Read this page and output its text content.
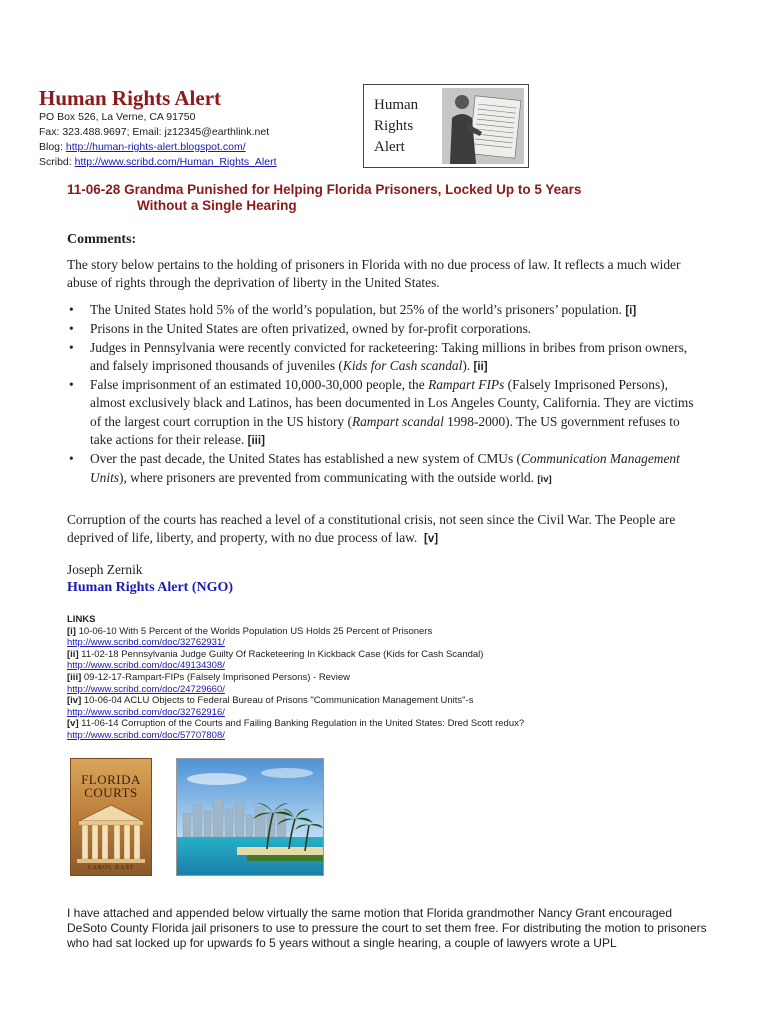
Human Rights Alert
PO Box 526, La Verne, CA 91750
Fax: 323.488.9697; Email: jz12345@earthlink.net
Blog: http://human-rights-alert.blogspot.com/
Scribd: http://www.scribd.com/Human_Rights_Alert
Human
Rights
Alert
11-06-28 Grandma Punished for Helping Florida Prisoners, Locked Up to 5 Years
Without a Single Hearing
Comments:
The story below pertains to the holding of prisoners in Florida with no due process of law. It reflects a much wider abuse of rights through the deprivation of liberty in the United States.
• The United States hold 5% of the world’s population, but 25% of the world’s prisoners’ population. [i]
• Prisons in the United States are often privatized, owned by for-profit corporations.
• Judges in Pennsylvania were recently convicted for racketeering: Taking millions in bribes from prison owners, and falsely imprisoned thousands of juveniles (Kids for Cash scandal). [ii]
• False imprisonment of an estimated 10,000-30,000 people, the Rampart FIPs (Falsely Imprisoned Persons), almost exclusively black and Latinos, has been documented in Los Angeles County, California. They are victims of the largest court corruption in the US history (Rampart scandal 1998-2000). The US government refuses to take actions for their release. [iii]
• Over the past decade, the United States has established a new system of CMUs (Communication Management Units), where prisoners are prevented from communicating with the outside world. [iv]
Corruption of the courts has reached a level of a constitutional crisis, not seen since the Civil War. The People are deprived of life, liberty, and property, with no due process of law. [v]
Joseph Zernik
Human Rights Alert (NGO)
LINKS
[i] 10-06-10 With 5 Percent of the Worlds Population US Holds 25 Percent of Prisoners
http://www.scribd.com/doc/32762931/
[ii] 11-02-18 Pennsylvania Judge Guilty Of Racketeering In Kickback Case (Kids for Cash Scandal)
http://www.scribd.com/doc/49134308/
[iii] 09-12-17-Rampart-FIPs (Falsely Imprisoned Persons) - Review
http://www.scribd.com/doc/24729660/
[iv] 10-06-04 ACLU Objects to Federal Bureau of Prisons "Communication Management Units"-s
http://www.scribd.com/doc/32762916/
[v] 11-06-14 Corruption of the Courts and Failing Banking Regulation in the United States: Dred Scott redux?
http://www.scribd.com/doc/57707808/
FLORIDA
COURTS
CAROL BAST
I have attached and appended below virtually the same motion that Florida grandmother Nancy Grant encouraged DeSoto County Florida jail prisoners to use to pressure the court to set them free. For distributing the motion to prisoners who had sat locked up for upwards fo 5 years without a single hearing, a couple of lawyers wrote a UPL
